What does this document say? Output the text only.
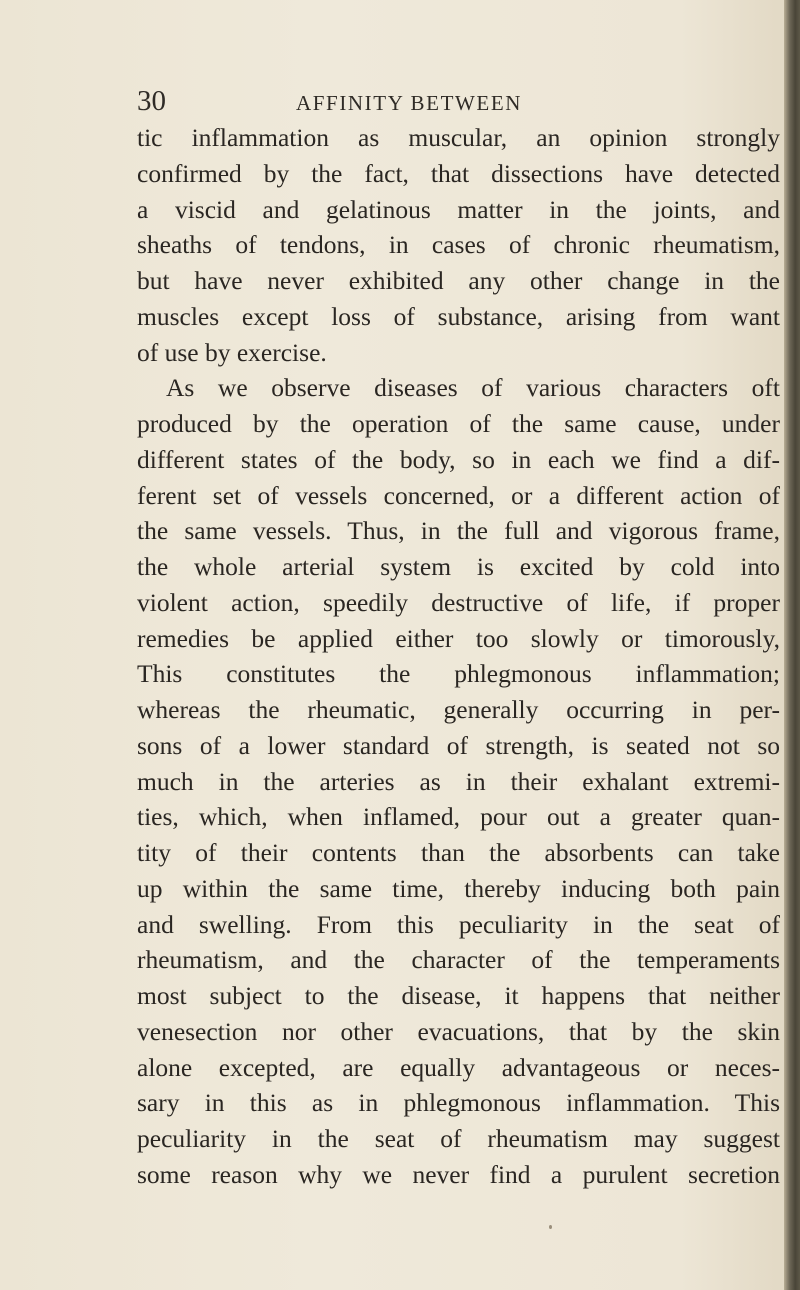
30	AFFINITY BETWEEN
tic inflammation as muscular, an opinion strongly
confirmed by the fact, that dissections have detected
a viscid and gelatinous matter in the joints, and
sheaths of tendons, in cases of chronic rheumatism,
but have never exhibited any other change in the
muscles except loss of substance, arising from want
of use by exercise.
As we observe diseases of various characters oft
produced by the operation of the same cause, under
different states of the body, so in each we find a dif-
ferent set of vessels concerned, or a different action of
the same vessels. Thus, in the full and vigorous frame,
the whole arterial system is excited by cold into
violent action, speedily destructive of life, if proper
remedies be applied either too slowly or timorously,
This constitutes the phlegmonous inflammation;
whereas the rheumatic, generally occurring in per-
sons of a lower standard of strength, is seated not so
much in the arteries as in their exhalant extremi-
ties, which, when inflamed, pour out a greater quan-
tity of their contents than the absorbents can take
up within the same time, thereby inducing both pain
and swelling. From this peculiarity in the seat of
rheumatism, and the character of the temperaments
most subject to the disease, it happens that neither
venesection nor other evacuations, that by the skin
alone excepted, are equally advantageous or neces-
sary in this as in phlegmonous inflammation. This
peculiarity in the seat of rheumatism may suggest
some reason why we never find a purulent secretion
